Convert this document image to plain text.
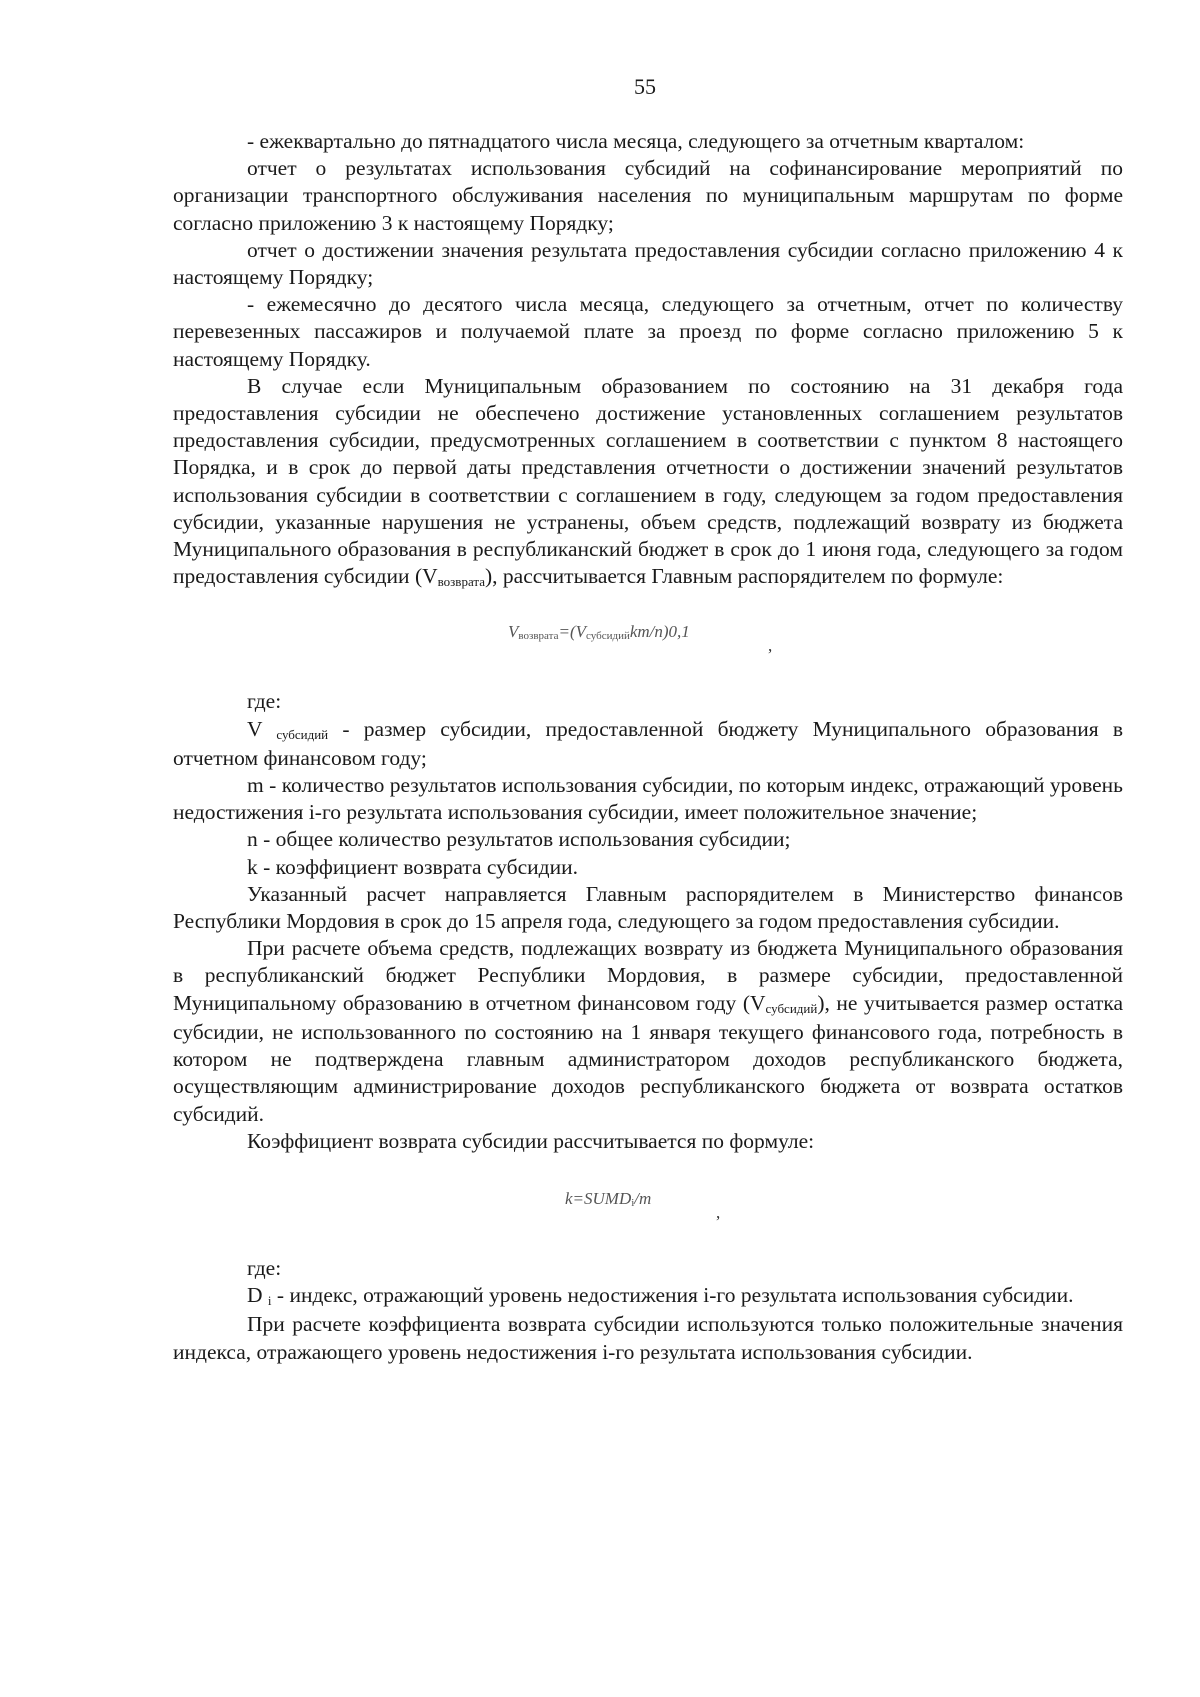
55

- ежеквартально до пятнадцатого числа месяца, следующего за отчетным кварталом:

отчет о результатах использования субсидий на софинансирование мероприятий по организации транспортного обслуживания населения по муниципальным маршрутам по форме согласно приложению 3 к настоящему Порядку;

отчет о достижении значения результата предоставления субсидии согласно приложению 4 к настоящему Порядку;

- ежемесячно до десятого числа месяца, следующего за отчетным, отчет по количеству перевезенных пассажиров и получаемой плате за проезд по форме согласно приложению 5 к настоящему Порядку.

В случае если Муниципальным образованием по состоянию на 31 декабря года предоставления субсидии не обеспечено достижение установленных соглашением результатов предоставления субсидии, предусмотренных соглашением в соответствии с пунктом 8 настоящего Порядка, и в срок до первой даты представления отчетности о достижении значений результатов использования субсидии в соответствии с соглашением в году, следующем за годом предоставления субсидии, указанные нарушения не устранены, объем средств, подлежащий возврату из бюджета Муниципального образования в республиканский бюджет в срок до 1 июня года, следующего за годом предоставления субсидии (Vвозврата), рассчитывается Главным распорядителем по формуле:

Vвозврата=(Vсубсидийkm/n)0,1
,

где:

V субсидий - размер субсидии, предоставленной бюджету Муниципального образования в отчетном финансовом году;

m - количество результатов использования субсидии, по которым индекс, отражающий уровень недостижения i-го результата использования субсидии, имеет положительное значение;

n - общее количество результатов использования субсидии;

k - коэффициент возврата субсидии.

Указанный расчет направляется Главным распорядителем в Министерство финансов Республики Мордовия в срок до 15 апреля года, следующего за годом предоставления субсидии.

При расчете объема средств, подлежащих возврату из бюджета Муниципального образования в республиканский бюджет Республики Мордовия, в размере субсидии, предоставленной Муниципальному образованию в отчетном финансовом году (Vсубсидий), не учитывается размер остатка субсидии, не использованного по состоянию на 1 января текущего финансового года, потребность в котором не подтверждена главным администратором доходов республиканского бюджета, осуществляющим администрирование доходов республиканского бюджета от возврата остатков субсидий.

Коэффициент возврата субсидии рассчитывается по формуле:

k=SUMDi/m
,

где:

D i - индекс, отражающий уровень недостижения i-го результата использования субсидии.

При расчете коэффициента возврата субсидии используются только положительные значения индекса, отражающего уровень недостижения i-го результата использования субсидии.
